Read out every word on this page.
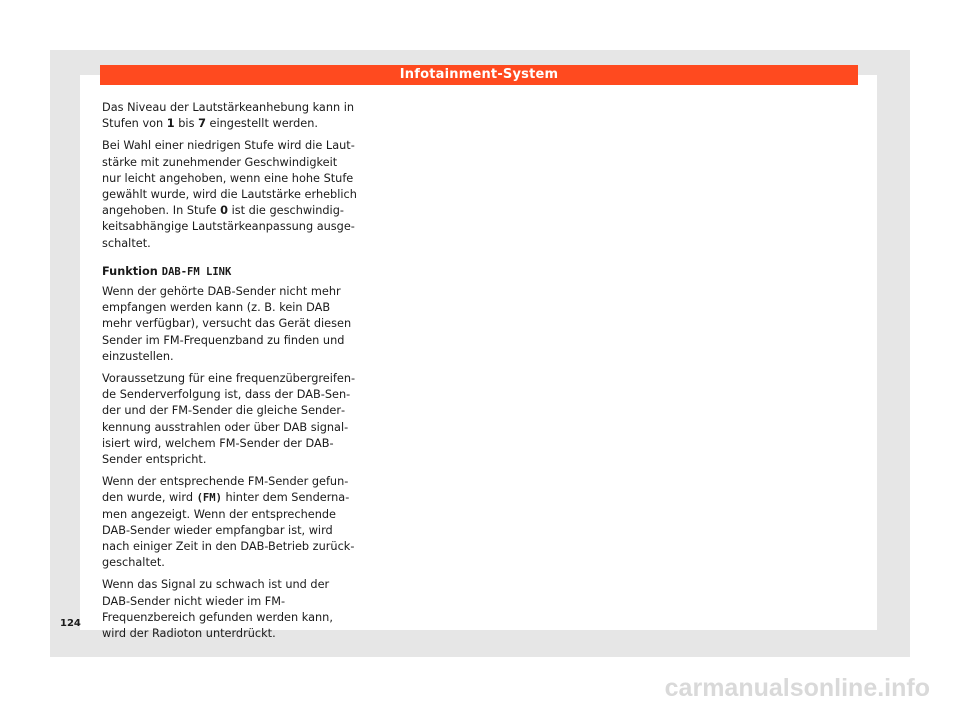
Infotainment-System

Das Niveau der Lautstärkeanhebung kann in Stufen von 1 bis 7 eingestellt werden.

Bei Wahl einer niedrigen Stufe wird die Lautstärke mit zunehmender Geschwindigkeit nur leicht angehoben, wenn eine hohe Stufe gewählt wurde, wird die Lautstärke erheblich angehoben. In Stufe 0 ist die geschwindigkeitsabhängige Lautstärkeanpassung ausgeschaltet.

Funktion DAB-FM LINK

Wenn der gehörte DAB-Sender nicht mehr empfangen werden kann (z. B. kein DAB mehr verfügbar), versucht das Gerät diesen Sender im FM-Frequenzband zu finden und einzustellen.

Voraussetzung für eine frequenzübergreifende Senderverfolgung ist, dass der DAB-Sender und der FM-Sender die gleiche Senderkennung ausstrahlen oder über DAB signalisiert wird, welchem FM-Sender der DAB-Sender entspricht.

Wenn der entsprechende FM-Sender gefunden wurde, wird (FM) hinter dem Sendernamen angezeigt. Wenn der entsprechende DAB-Sender wieder empfangbar ist, wird nach einiger Zeit in den DAB-Betrieb zurückgeschaltet.

Wenn das Signal zu schwach ist und der DAB-Sender nicht wieder im FM-Frequenzbereich gefunden werden kann, wird der Radioton unterdrückt.

124
carmanualsonline.info
